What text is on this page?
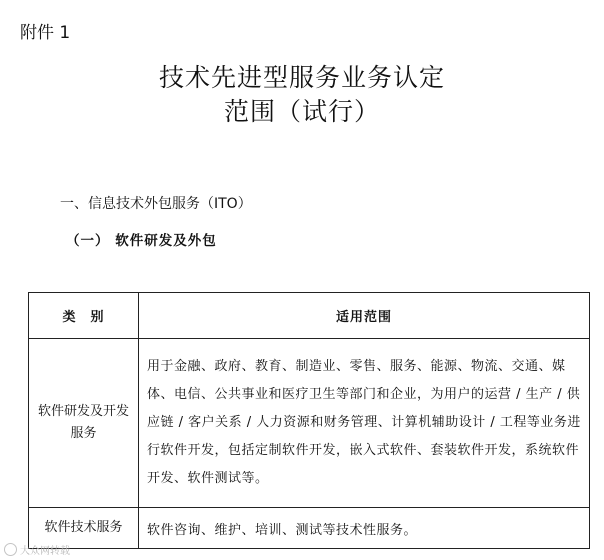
附件 1
技术先进型服务业务认定
范围（试行）
一、信息技术外包服务（ITO）
（一） 软件研发及外包
类　别	适用范围
软件研发及开发服务	用于金融、政府、教育、制造业、零售、服务、能源、物流、交通、媒体、电信、公共事业和医疗卫生等部门和企业，为用户的运营 / 生产 / 供应链 / 客户关系 / 人力资源和财务管理、计算机辅助设计 / 工程等业务进行软件开发，包括定制软件开发，嵌入式软件、套装软件开发，系统软件开发、软件测试等。
软件技术服务	软件咨询、维护、培训、测试等技术性服务。
大众网转载
